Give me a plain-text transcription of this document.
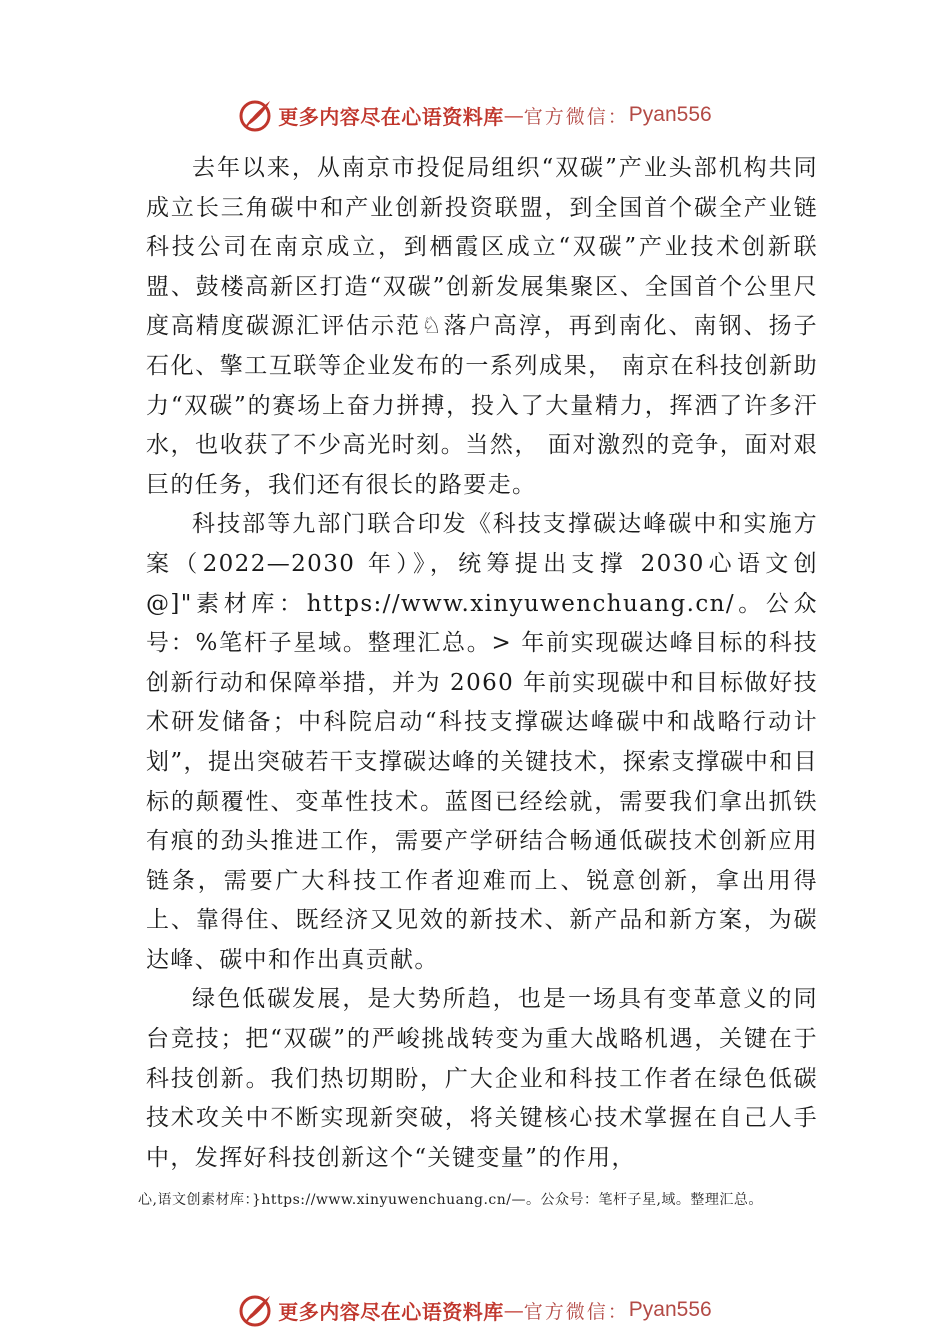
更多内容尽在心语资料库 — 官方微信： Pyan556

去年以来，从南京市投促局组织“双碳”产业头部机构共同成立长三角碳中和产业创新投资联盟，到全国首个碳全产业链科技公司在南京成立，到栖霞区成立“双碳”产业技术创新联盟、鼓楼高新区打造“双碳”创新发展集聚区、全国首个公里尺度高精度碳源汇评估示范♘落户高淳，再到南化、南钢、扬子石化、擎工互联等企业发布的一系列成果， 南京在科技创新助力“双碳”的赛场上奋力拼搏，投入了大量精力，挥洒了许多汗水，也收获了不少高光时刻。当然， 面对激烈的竞争，面对艰巨的任务，我们还有很长的路要走。

科技部等九部门联合印发《科技支撑碳达峰碳中和实施方案（2022—2030 年）》，统筹提出支撑 2030心语文创@]"素材库：https://www.xinyuwenchuang.cn/。公众号：%笔杆子星域。整理汇总。> 年前实现碳达峰目标的科技创新行动和保障举措，并为 2060 年前实现碳中和目标做好技术研发储备；中科院启动“科技支撑碳达峰碳中和战略行动计划”，提出突破若干支撑碳达峰的关键技术，探索支撑碳中和目标的颠覆性、变革性技术。蓝图已经绘就，需要我们拿出抓铁有痕的劲头推进工作，需要产学研结合畅通低碳技术创新应用链条，需要广大科技工作者迎难而上、锐意创新，拿出用得上、靠得住、既经济又见效的新技术、新产品和新方案，为碳达峰、碳中和作出真贡献。

绿色低碳发展，是大势所趋，也是一场具有变革意义的同台竞技；把“双碳”的严峻挑战转变为重大战略机遇，关键在于科技创新。我们热切期盼，广大企业和科技工作者在绿色低碳技术攻关中不断实现新突破，将关键核心技术掌握在自己人手中，发挥好科技创新这个“关键变量”的作用，

心,语文创素材库：}https://www.xinyuwenchuang.cn/—。公众号：笔杆子星,域。整理汇总。

更多内容尽在心语资料库 — 官方微信： Pyan556
